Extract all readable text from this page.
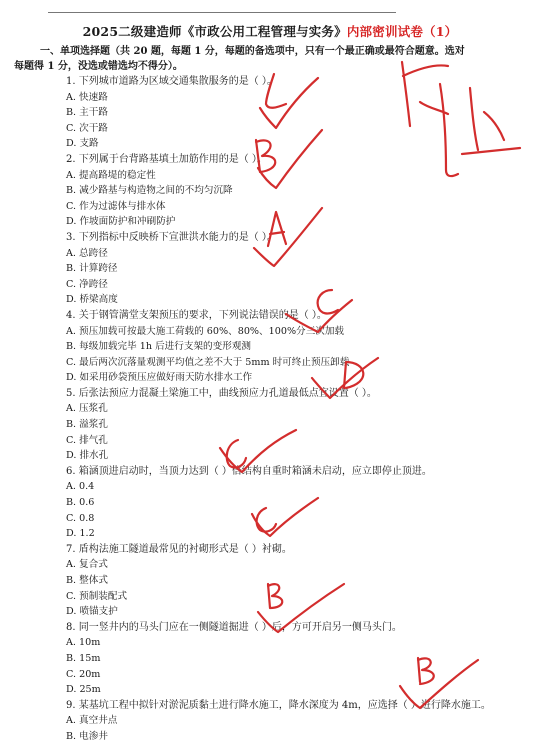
2025二级建造师《市政公用工程管理与实务》内部密训试卷（1）
一、单项选择题（共 20 题，每题 1 分，每题的备选项中，只有一个最正确或最符合题意。选对
每题得 1 分，没选或错选均不得分）。
1. 下列城市道路为区域交通集散服务的是（ ）。
A. 快速路
B. 主干路
C. 次干路
D. 支路
2. 下列属于台背路基填土加筋作用的是（ ）。
A. 提高路堤的稳定性
B. 减少路基与构造物之间的不均匀沉降
C. 作为过滤体与排水体
D. 作坡面防护和冲刷防护
3. 下列指标中反映桥下宣泄洪水能力的是（ ）。
A. 总跨径
B. 计算跨径
C. 净跨径
D. 桥梁高度
4. 关于钢管满堂支架预压的要求，下列说法错误的是（ ）。
A. 预压加载可按最大施工荷载的 60%、80%、100%分三次加载
B. 每级加载完毕 1h 后进行支架的变形观测
C. 最后两次沉落量观测平均值之差不大于 5mm 时可终止预压卸载
D. 如采用砂袋预压应做好雨天防水排水工作
5. 后张法预应力混凝土梁施工中，曲线预应力孔道最低点宜设置（ ）。
A. 压浆孔
B. 溢浆孔
C. 排气孔
D. 排水孔
6. 箱涵顶进启动时，当顶力达到（ ）倍结构自重时箱涵未启动，应立即停止顶进。
A. 0.4
B. 0.6
C. 0.8
D. 1.2
7. 盾构法施工隧道最常见的衬砌形式是（ ）衬砌。
A. 复合式
B. 整体式
C. 预制装配式
D. 喷锚支护
8. 同一竖井内的马头门应在一侧隧道掘进（ ）后，方可开启另一侧马头门。
A. 10m
B. 15m
C. 20m
D. 25m
9. 某基坑工程中拟针对淤泥质黏土进行降水施工，降水深度为 4m，应选择（ ）进行降水施工。
A. 真空井点
B. 电渗井
